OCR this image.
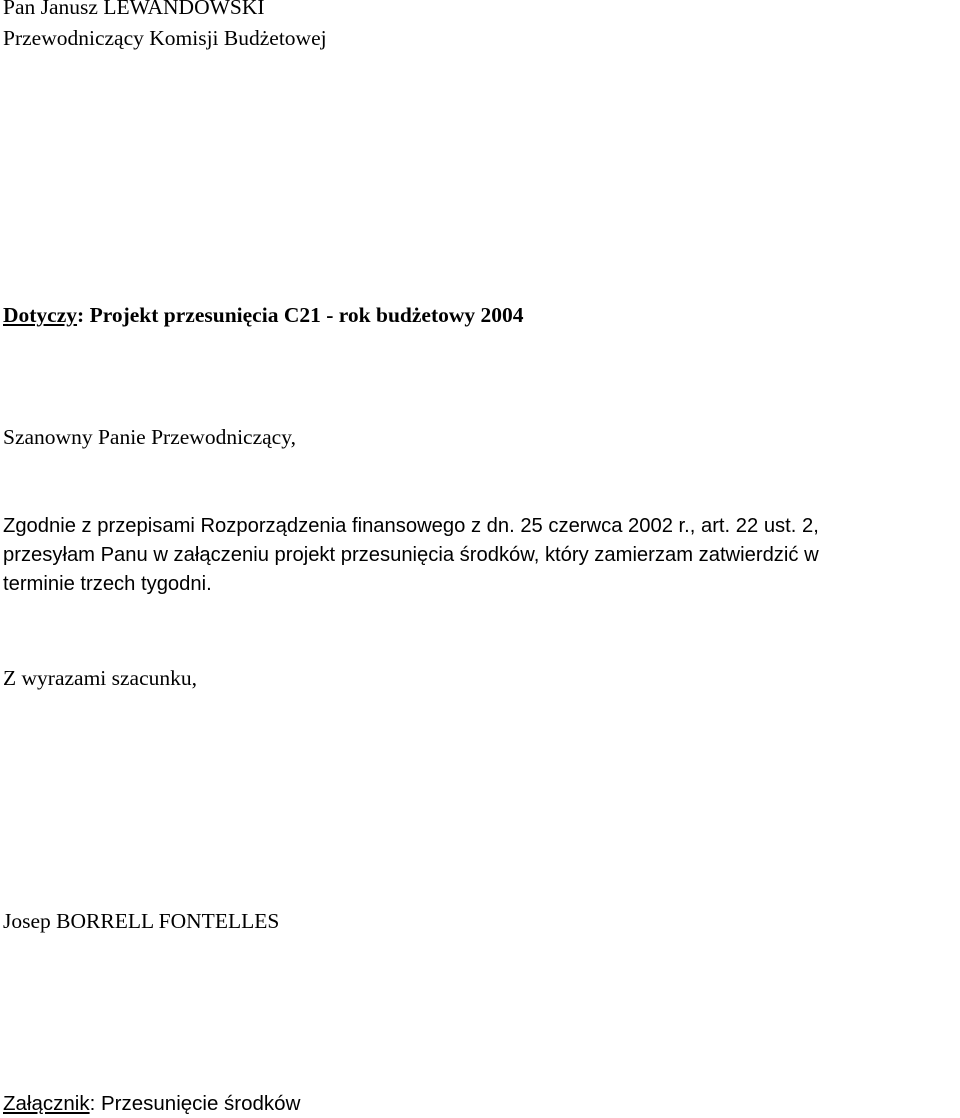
Pan Janusz LEWANDOWSKI
Przewodniczący Komisji Budżetowej
Dotyczy: Projekt przesunięcia C21 - rok budżetowy 2004
Szanowny Panie Przewodniczący,
Zgodnie z przepisami Rozporządzenia finansowego z dn. 25 czerwca 2002 r., art. 22 ust. 2,
przesyłam Panu w załączeniu projekt przesunięcia środków, który zamierzam zatwierdzić w
terminie trzech tygodni.
Z wyrazami szacunku,
Josep BORRELL FONTELLES
Załącznik: Przesunięcie środków
